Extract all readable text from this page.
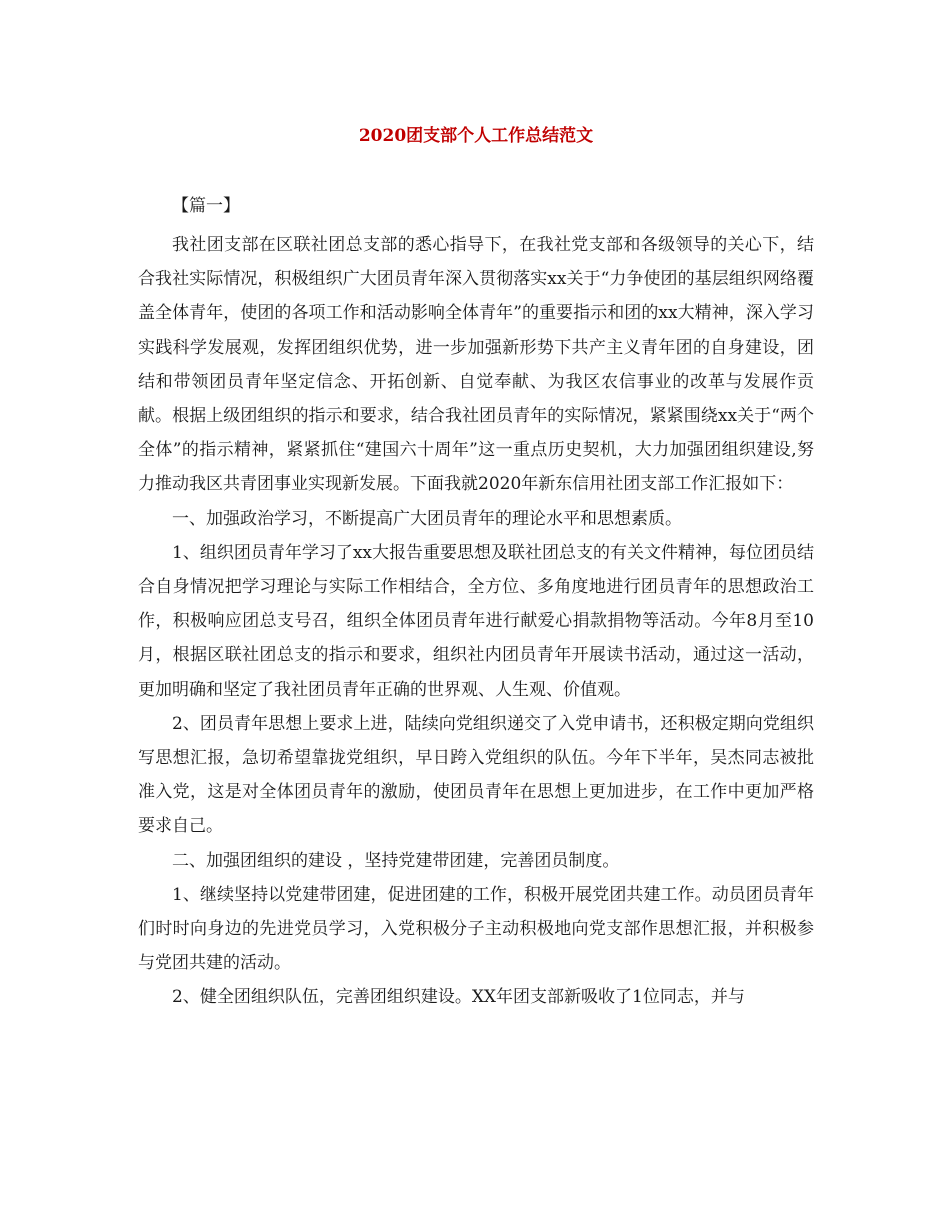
2020团支部个人工作总结范文

【篇一】

我社团支部在区联社团总支部的悉心指导下，在我社党支部和各级领导的关心下，结合我社实际情况，积极组织广大团员青年深入贯彻落实xx关于“力争使团的基层组织网络覆盖全体青年，使团的各项工作和活动影响全体青年”的重要指示和团的xx大精神，深入学习实践科学发展观，发挥团组织优势，进一步加强新形势下共产主义青年团的自身建设，团结和带领团员青年坚定信念、开拓创新、自觉奉献、为我区农信事业的改革与发展作贡献。根据上级团组织的指示和要求，结合我社团员青年的实际情况，紧紧围绕xx关于“两个全体”的指示精神，紧紧抓住“建国六十周年”这一重点历史契机，大力加强团组织建设,努力推动我区共青团事业实现新发展。下面我就2020年新东信用社团支部工作汇报如下：

一、加强政治学习，不断提高广大团员青年的理论水平和思想素质。

1、组织团员青年学习了xx大报告重要思想及联社团总支的有关文件精神，每位团员结合自身情况把学习理论与实际工作相结合，全方位、多角度地进行团员青年的思想政治工作，积极响应团总支号召，组织全体团员青年进行献爱心捐款捐物等活动。今年8月至10月，根据区联社团总支的指示和要求，组织社内团员青年开展读书活动，通过这一活动，更加明确和坚定了我社团员青年正确的世界观、人生观、价值观。

2、团员青年思想上要求上进，陆续向党组织递交了入党申请书，还积极定期向党组织写思想汇报，急切希望靠拢党组织，早日跨入党组织的队伍。今年下半年，吴杰同志被批准入党，这是对全体团员青年的激励，使团员青年在思想上更加进步，在工作中更加严格要求自己。

二、加强团组织的建设 ，坚持党建带团建，完善团员制度。

1、继续坚持以党建带团建，促进团建的工作，积极开展党团共建工作。动员团员青年们时时向身边的先进党员学习，入党积极分子主动积极地向党支部作思想汇报，并积极参与党团共建的活动。

2、健全团组织队伍，完善团组织建设。XX年团支部新吸收了1位同志，并与
